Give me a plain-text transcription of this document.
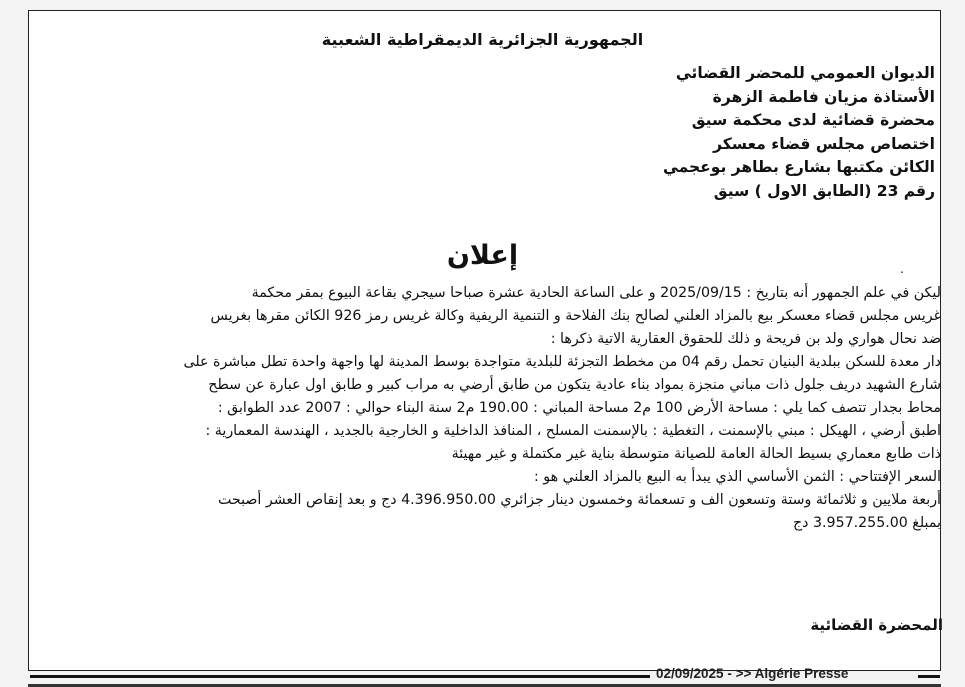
الجمهورية الجزائرية الديمقراطية الشعبية
الديوان العمومي للمحضر القضائي
الأستاذة مزيان فاطمة الزهرة
محضرة قضائية لدى محكمة سيق
اختصاص مجلس قضاء معسكر
الكائن مكتبها بشارع بطاهر بوعجمي
رقم 23 (الطابق الاول ) سيق
إعلان	.
ليكن في علم الجمهور أنه بتاريخ : 2025/09/15 و على الساعة الحادية عشرة صباحا سيجري بقاعة البيوع بمقر محكمة
غريس مجلس قضاء معسكر بيع بالمزاد العلني لصالح بنك الفلاحة و التنمية الريفية وكالة غريس رمز 926 الكائن مقرها بغريس
ضد نحال هواري ولد بن فريحة و ذلك للحقوق العقارية الاتية ذكرها :
دار معدة للسكن ببلدية البنيان تحمل رقم 04 من مخطط التجزئة للبلدية متواجدة بوسط المدينة لها واجهة واحدة تطل مباشرة على
شارع الشهيد دريف جلول ذات مباني منجزة بمواد بناء عادية يتكون من طابق أرضي به مراب كبير و طابق اول عبارة عن سطح
محاط بجدار تتصف كما يلي : مساحة الأرض 100 م2 مساحة المباني : 190.00 م2 سنة البناء حوالي : 2007 عدد الطوابق :
اطبق أرضي ، الهيكل : مبني بالإسمنت ، التغطية : بالإسمنت المسلح ، المنافذ الداخلية و الخارجية بالجديد ، الهندسة المعمارية :
ذات طابع معماري بسيط الحالة العامة للصيانة متوسطة بناية غير مكتملة و غير مهيئة
السعر الإفتتاحي : الثمن الأساسي الذي يبدأ به البيع بالمزاد العلني هو :
أربعة ملايين و ثلاثمائة وستة وتسعون الف و تسعمائة وخمسون دينار جزائري 4.396.950.00 دج و بعد إنقاص العشر أصبحت
بمبلغ 3.957.255.00 دج
المحضرة القضائية
02/09/2025 - >> Algérie Presse
